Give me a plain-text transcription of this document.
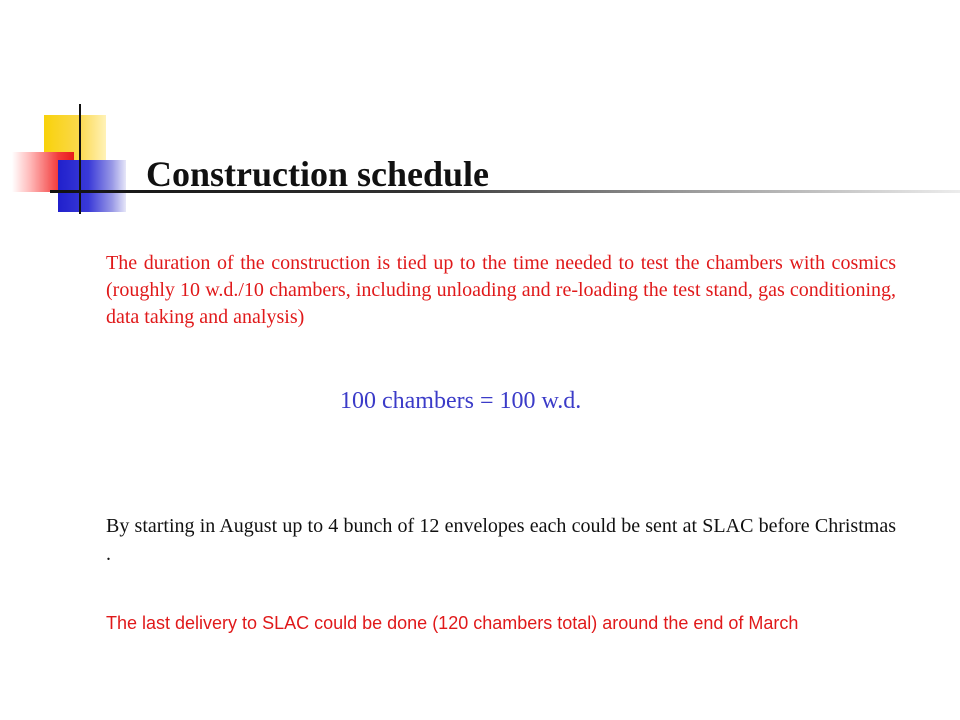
Construction schedule

The duration of the construction is tied up to the time needed to test the chambers with cosmics (roughly 10 w.d./10 chambers, including unloading and re-loading the test stand, gas conditioning, data taking and analysis)

100 chambers = 100 w.d.

By starting in August up to 4 bunch of 12 envelopes each could be sent at SLAC before Christmas .

The last delivery to SLAC could be done (120 chambers total) around the end of March
